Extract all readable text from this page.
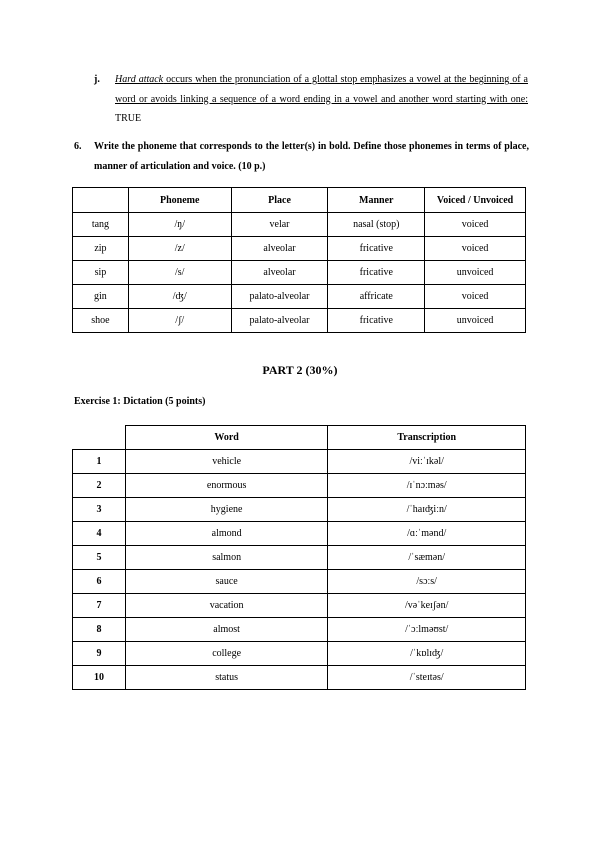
j. Hard attack occurs when the pronunciation of a glottal stop emphasizes a vowel at the beginning of a word or avoids linking a sequence of a word ending in a vowel and another word starting with one: TRUE
6. Write the phoneme that corresponds to the letter(s) in bold. Define those phonemes in terms of place, manner of articulation and voice. (10 p.)
	Phoneme	Place	Manner	Voiced / Unvoiced
tang	/ŋ/	velar	nasal (stop)	voiced
zip	/z/	alveolar	fricative	voiced
sip	/s/	alveolar	fricative	unvoiced
gin	/ʤ/	palato-alveolar	affricate	voiced
shoe	/ʃ/	palato-alveolar	fricative	unvoiced
PART 2 (30%)
Exercise 1: Dictation (5 points)
	Word	Transcription
1	vehicle	/viːˈɪkəl/
2	enormous	/ɪˈnɔːməs/
3	hygiene	/ˈhaɪʤiːn/
4	almond	/ɑːˈmənd/
5	salmon	/ˈsæmən/
6	sauce	/sɔːs/
7	vacation	/vəˈkeɪʃən/
8	almost	/ˈɔːlməʊst/
9	college	/ˈkɒlɪʤ/
10	status	/ˈsteɪtəs/
